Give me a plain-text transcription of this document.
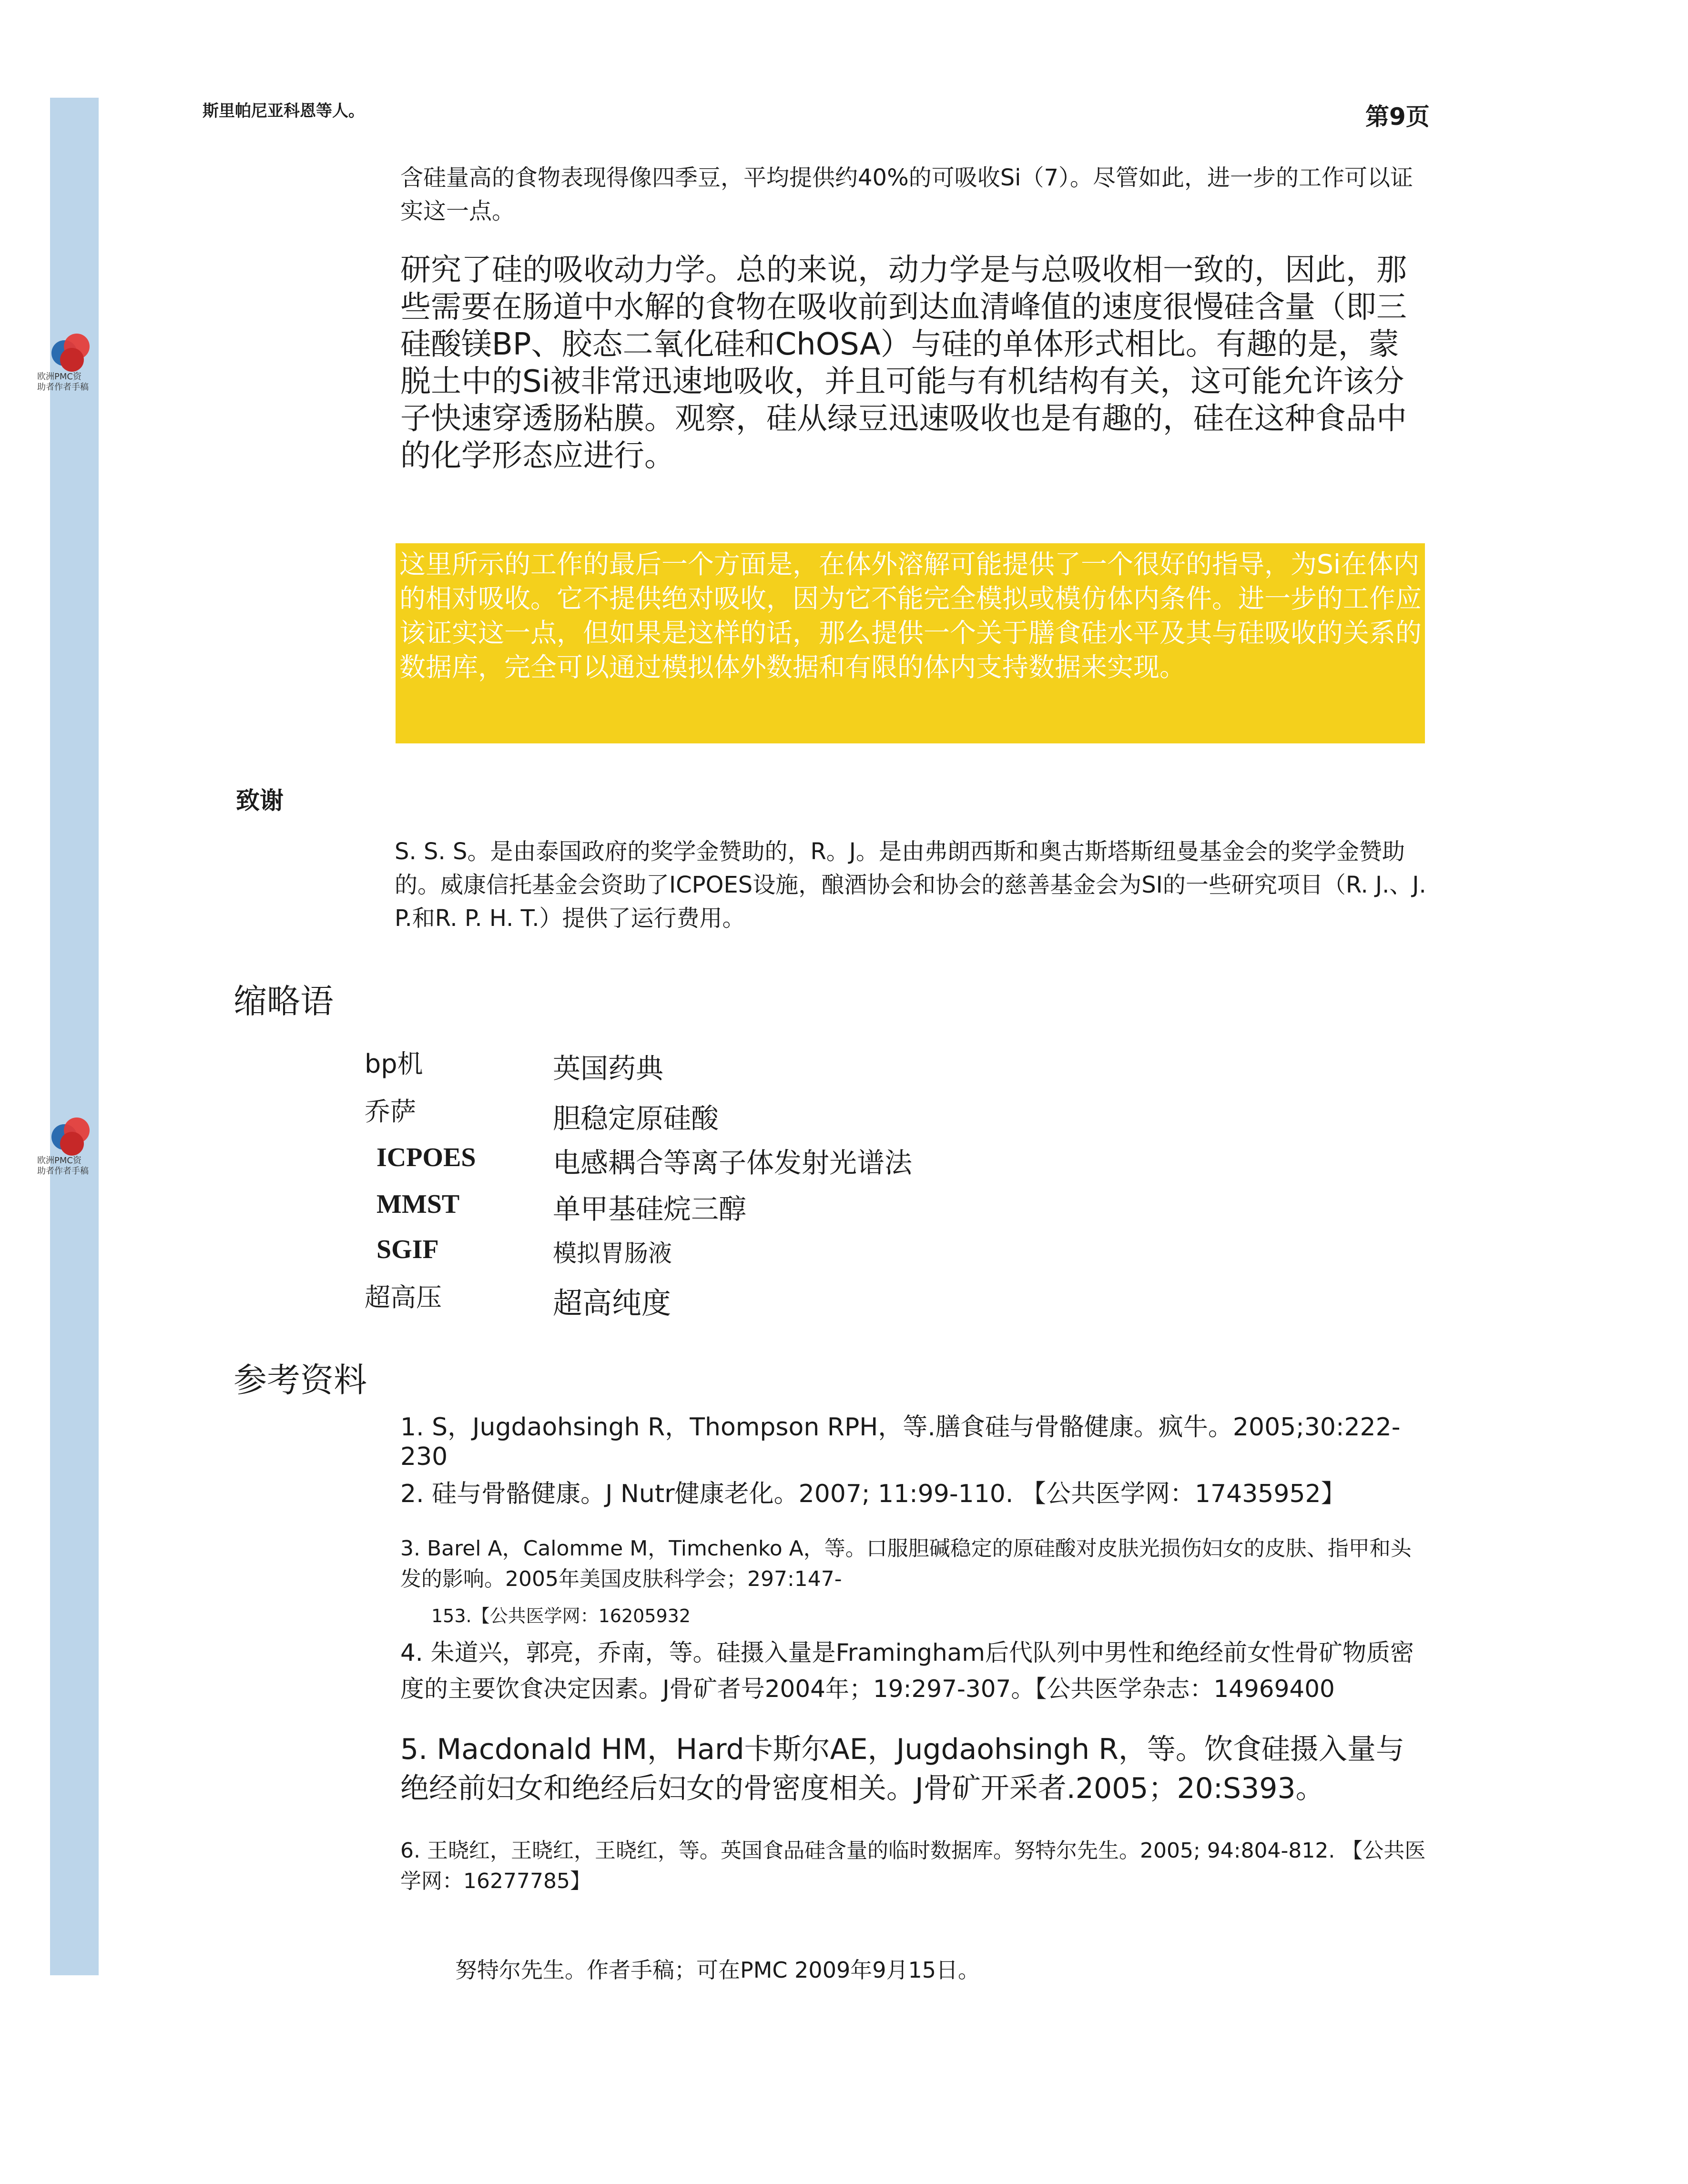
欧洲PMC资助者作者手稿
欧洲PMC资助者作者手稿
斯里帕尼亚科恩等人。	第9页
含硅量高的食物表现得像四季豆，平均提供约40%的可吸收Si（7）。尽管如此，进一步的工作可以证实这一点。
研究了硅的吸收动力学。总的来说，动力学是与总吸收相一致的，因此，那些需要在肠道中水解的食物在吸收前到达血清峰值的速度很慢硅含量（即三硅酸镁BP、胶态二氧化硅和ChOSA）与硅的单体形式相比。有趣的是，蒙脱土中的Si被非常迅速地吸收，并且可能与有机结构有关，这可能允许该分子快速穿透肠粘膜。观察，硅从绿豆迅速吸收也是有趣的，硅在这种食品中的化学形态应进行。
这里所示的工作的最后一个方面是，在体外溶解可能提供了一个很好的指导，为Si在体内的相对吸收。它不提供绝对吸收，因为它不能完全模拟或模仿体内条件。进一步的工作应该证实这一点，但如果是这样的话，那么提供一个关于膳食硅水平及其与硅吸收的关系的数据库，完全可以通过模拟体外数据和有限的体内支持数据来实现。
致谢
S. S. S。是由泰国政府的奖学金赞助的，R。J。是由弗朗西斯和奥古斯塔斯纽曼基金会的奖学金赞助的。威康信托基金会资助了ICPOES设施，酿酒协会和协会的慈善基金会为SI的一些研究项目（R. J.、J. P.和R. P. H. T.）提供了运行费用。
缩略语
bp机	英国药典
乔萨	胆稳定原硅酸
ICPOES	电感耦合等离子体发射光谱法
MMST	单甲基硅烷三醇
SGIF	模拟胃肠液
超高压	超高纯度
参考资料
1. S，Jugdaohsingh R，Thompson RPH，等.膳食硅与骨骼健康。疯牛。2005;30:222-230
2. 硅与骨骼健康。J Nutr健康老化。2007; 11:99-110. 【公共医学网：17435952】
3. Barel A，Calomme M，Timchenko A，等。口服胆碱稳定的原硅酸对皮肤光损伤妇女的皮肤、指甲和头发的影响。2005年美国皮肤科学会；297:147-
153.【公共医学网：16205932
4. 朱道兴，郭亮，乔南，等。硅摄入量是Framingham后代队列中男性和绝经前女性骨矿物质密度的主要饮食决定因素。J骨矿者号2004年；19:297-307。【公共医学杂志：14969400
5. Macdonald HM，Hard卡斯尔AE，Jugdaohsingh R，等。饮食硅摄入量与绝经前妇女和绝经后妇女的骨密度相关。J骨矿开采者.2005；20:S393。
6. 王晓红，王晓红，王晓红，等。英国食品硅含量的临时数据库。努特尔先生。2005; 94:804-812. 【公共医学网：16277785】
努特尔先生。作者手稿；可在PMC 2009年9月15日。
